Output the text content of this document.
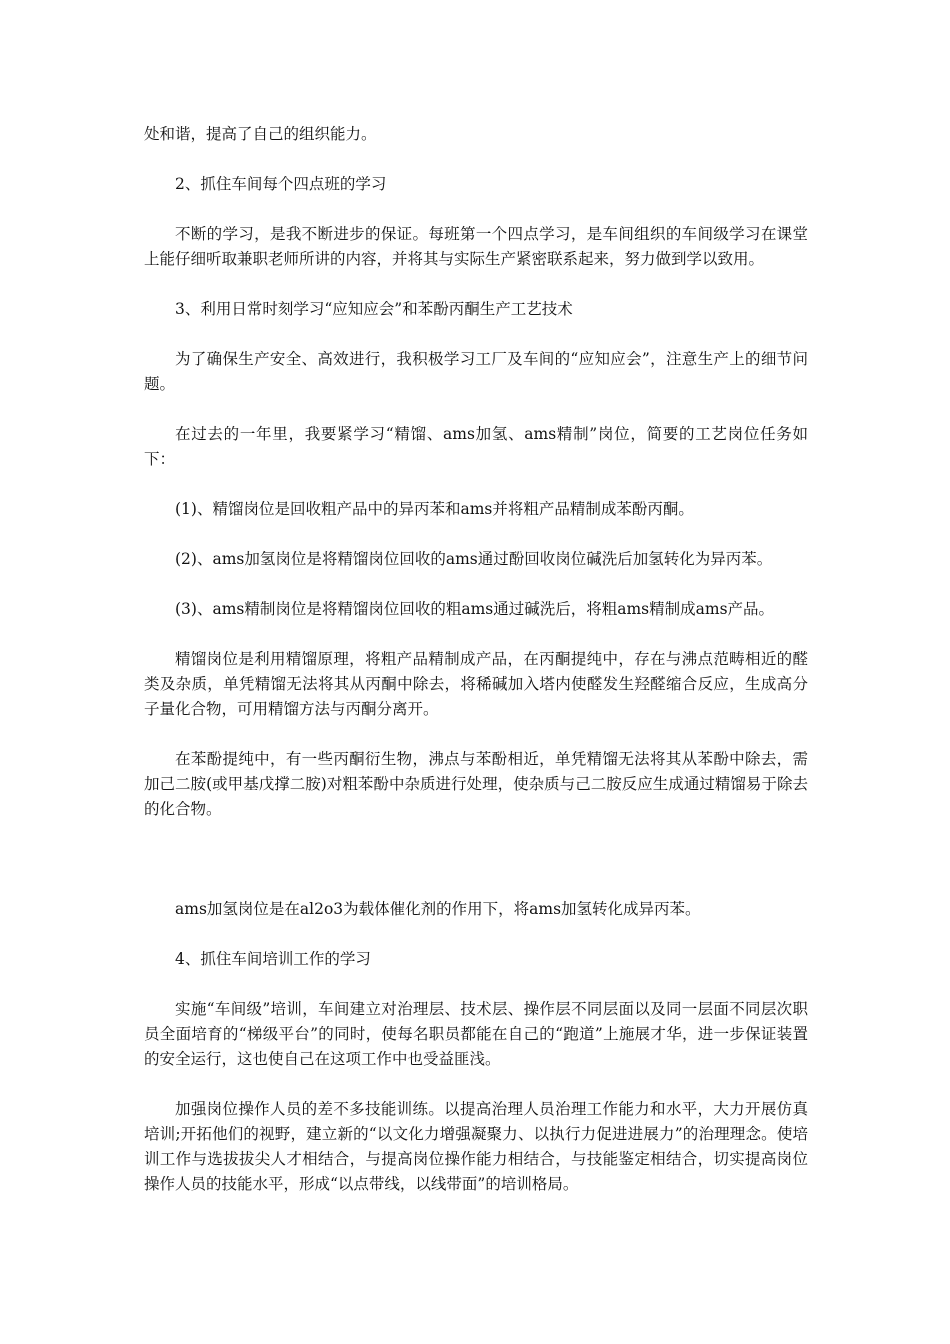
处和谐，提高了自己的组织能力。

2、抓住车间每个四点班的学习

不断的学习，是我不断进步的保证。每班第一个四点学习，是车间组织的车间级学习在课堂上能仔细听取兼职老师所讲的内容，并将其与实际生产紧密联系起来，努力做到学以致用。

3、利用日常时刻学习“应知应会”和苯酚丙酮生产工艺技术

为了确保生产安全、高效进行，我积极学习工厂及车间的“应知应会”，注意生产上的细节问题。

在过去的一年里，我要紧学习“精馏、ams加氢、ams精制”岗位，简要的工艺岗位任务如下：

(1)、精馏岗位是回收粗产品中的异丙苯和ams并将粗产品精制成苯酚丙酮。

(2)、ams加氢岗位是将精馏岗位回收的ams通过酚回收岗位碱洗后加氢转化为异丙苯。

(3)、ams精制岗位是将精馏岗位回收的粗ams通过碱洗后，将粗ams精制成ams产品。

精馏岗位是利用精馏原理，将粗产品精制成产品，在丙酮提纯中，存在与沸点范畴相近的醛类及杂质，单凭精馏无法将其从丙酮中除去，将稀碱加入塔内使醛发生羟醛缩合反应，生成高分子量化合物，可用精馏方法与丙酮分离开。

在苯酚提纯中，有一些丙酮衍生物，沸点与苯酚相近，单凭精馏无法将其从苯酚中除去，需加己二胺(或甲基戊撑二胺)对粗苯酚中杂质进行处理，使杂质与己二胺反应生成通过精馏易于除去的化合物。

ams加氢岗位是在al2o3为载体催化剂的作用下，将ams加氢转化成异丙苯。

4、抓住车间培训工作的学习

实施“车间级”培训，车间建立对治理层、技术层、操作层不同层面以及同一层面不同层次职员全面培育的“梯级平台”的同时，使每名职员都能在自己的“跑道”上施展才华，进一步保证装置的安全运行，这也使自己在这项工作中也受益匪浅。

加强岗位操作人员的差不多技能训练。以提高治理人员治理工作能力和水平，大力开展仿真培训;开拓他们的视野，建立新的“以文化力增强凝聚力、以执行力促进进展力”的治理理念。使培训工作与选拔拔尖人才相结合，与提高岗位操作能力相结合，与技能鉴定相结合，切实提高岗位操作人员的技能水平，形成“以点带线，以线带面”的培训格局。
